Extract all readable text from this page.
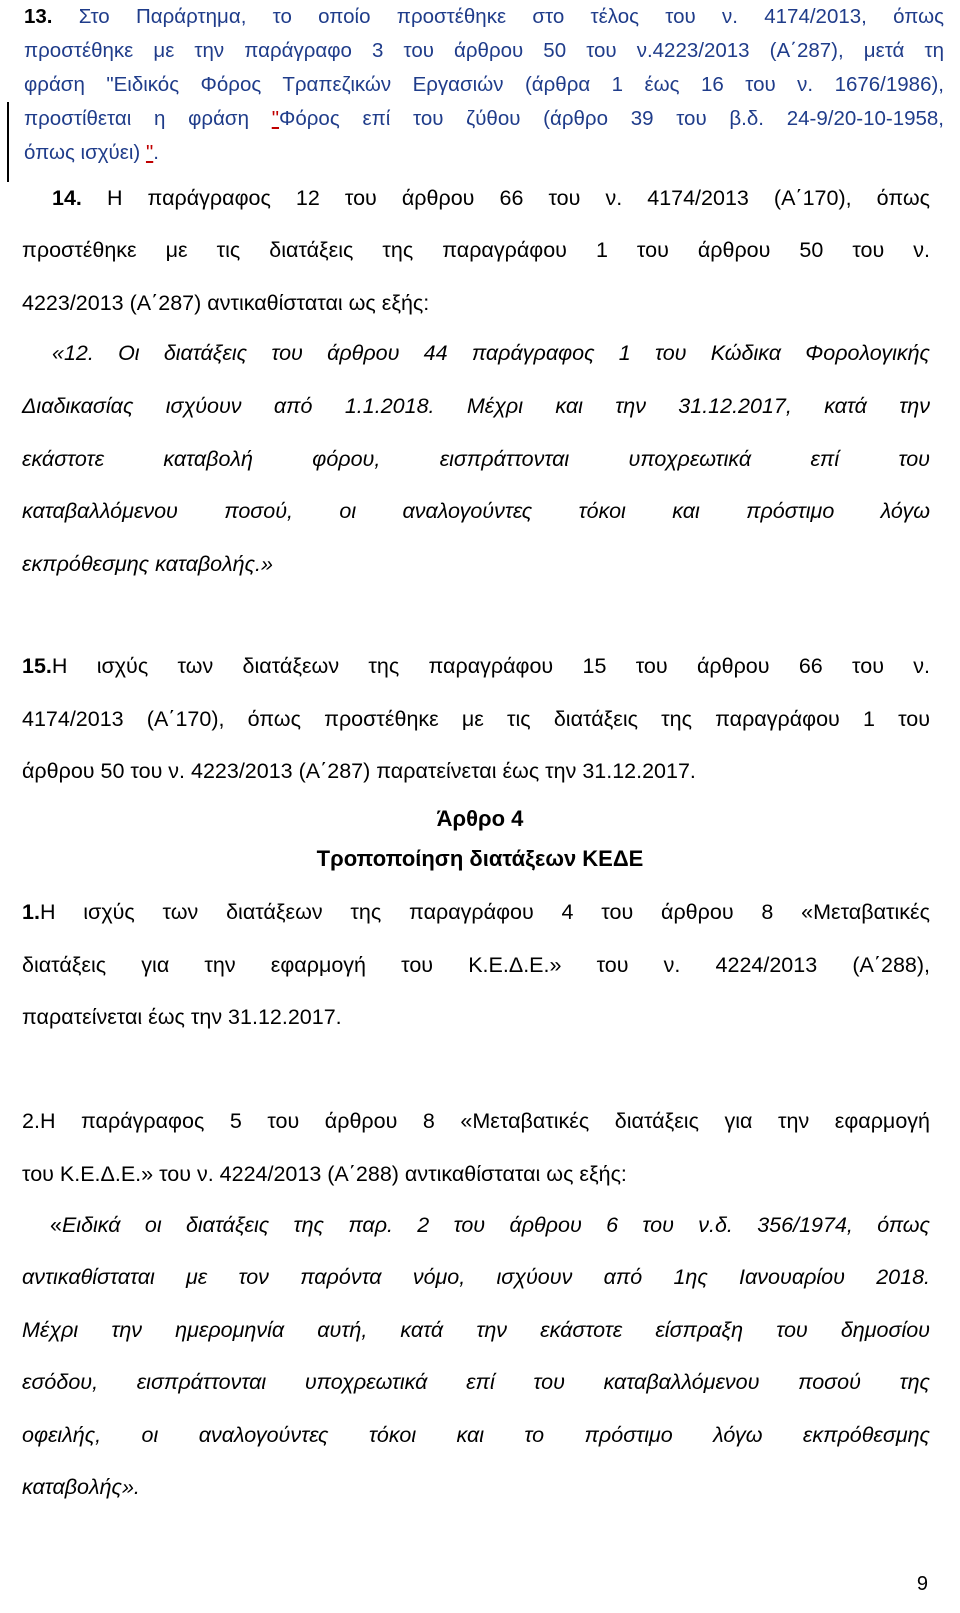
13. Στο Παράρτημα, το οποίο προστέθηκε στο τέλος του ν. 4174/2013, όπως
προστέθηκε με την παράγραφο 3 του άρθρου 50 του ν.4223/2013 (Α΄287), μετά τη
φράση "Ειδικός Φόρος Τραπεζικών Εργασιών (άρθρα 1 έως 16 του ν. 1676/1986),
προστίθεται η φράση "Φόρος επί του ζύθου (άρθρο 39 του β.δ. 24-9/20-10-1958,
όπως ισχύει) ".
14. Η παράγραφος 12 του άρθρου 66 του ν. 4174/2013 (Α΄170), όπως
προστέθηκε με τις διατάξεις της παραγράφου 1 του άρθρου 50 του ν.
4223/2013 (Α΄287) αντικαθίσταται ως εξής:
«12. Οι διατάξεις του άρθρου 44 παράγραφος 1 του Κώδικα Φορολογικής
Διαδικασίας ισχύουν από 1.1.2018. Μέχρι και την 31.12.2017, κατά την
εκάστοτε καταβολή φόρου, εισπράττονται υποχρεωτικά επί του
καταβαλλόμενου ποσού, οι αναλογούντες τόκοι και πρόστιμο λόγω
εκπρόθεσμης καταβολής.»
15.Η ισχύς των διατάξεων της παραγράφου 15 του άρθρου 66 του ν.
4174/2013 (Α΄170), όπως προστέθηκε με τις διατάξεις της παραγράφου 1 του
άρθρου 50 του ν. 4223/2013 (Α΄287) παρατείνεται έως την 31.12.2017.
Άρθρο 4
Τροποποίηση διατάξεων ΚΕΔΕ
1.Η ισχύς των διατάξεων της παραγράφου 4 του άρθρου 8 «Μεταβατικές
διατάξεις για την εφαρμογή του Κ.Ε.Δ.Ε.» του ν. 4224/2013 (Α΄288),
παρατείνεται έως την 31.12.2017.
2.Η παράγραφος 5 του άρθρου 8 «Μεταβατικές διατάξεις για την εφαρμογή
του Κ.Ε.Δ.Ε.» του ν. 4224/2013 (Α΄288) αντικαθίσταται ως εξής:
«Ειδικά οι διατάξεις της παρ. 2 του άρθρου 6 του ν.δ. 356/1974, όπως
αντικαθίσταται με τον παρόντα νόμο, ισχύουν από 1ης Ιανουαρίου 2018.
Μέχρι την ημερομηνία αυτή, κατά την εκάστοτε είσπραξη του δημοσίου
εσόδου, εισπράττονται υποχρεωτικά επί του καταβαλλόμενου ποσού της
οφειλής, οι αναλογούντες τόκοι και το πρόστιμο λόγω εκπρόθεσμης
καταβολής».
9
